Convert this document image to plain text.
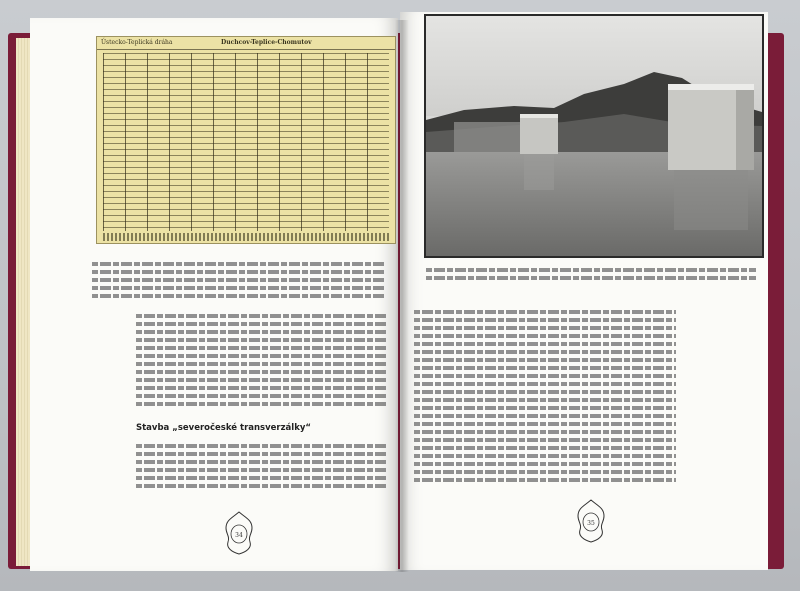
Ústecko-Teplická dráha	Duchcov-Teplice-Chomutov
Stavba „severočeské transverzálky“
34
35
